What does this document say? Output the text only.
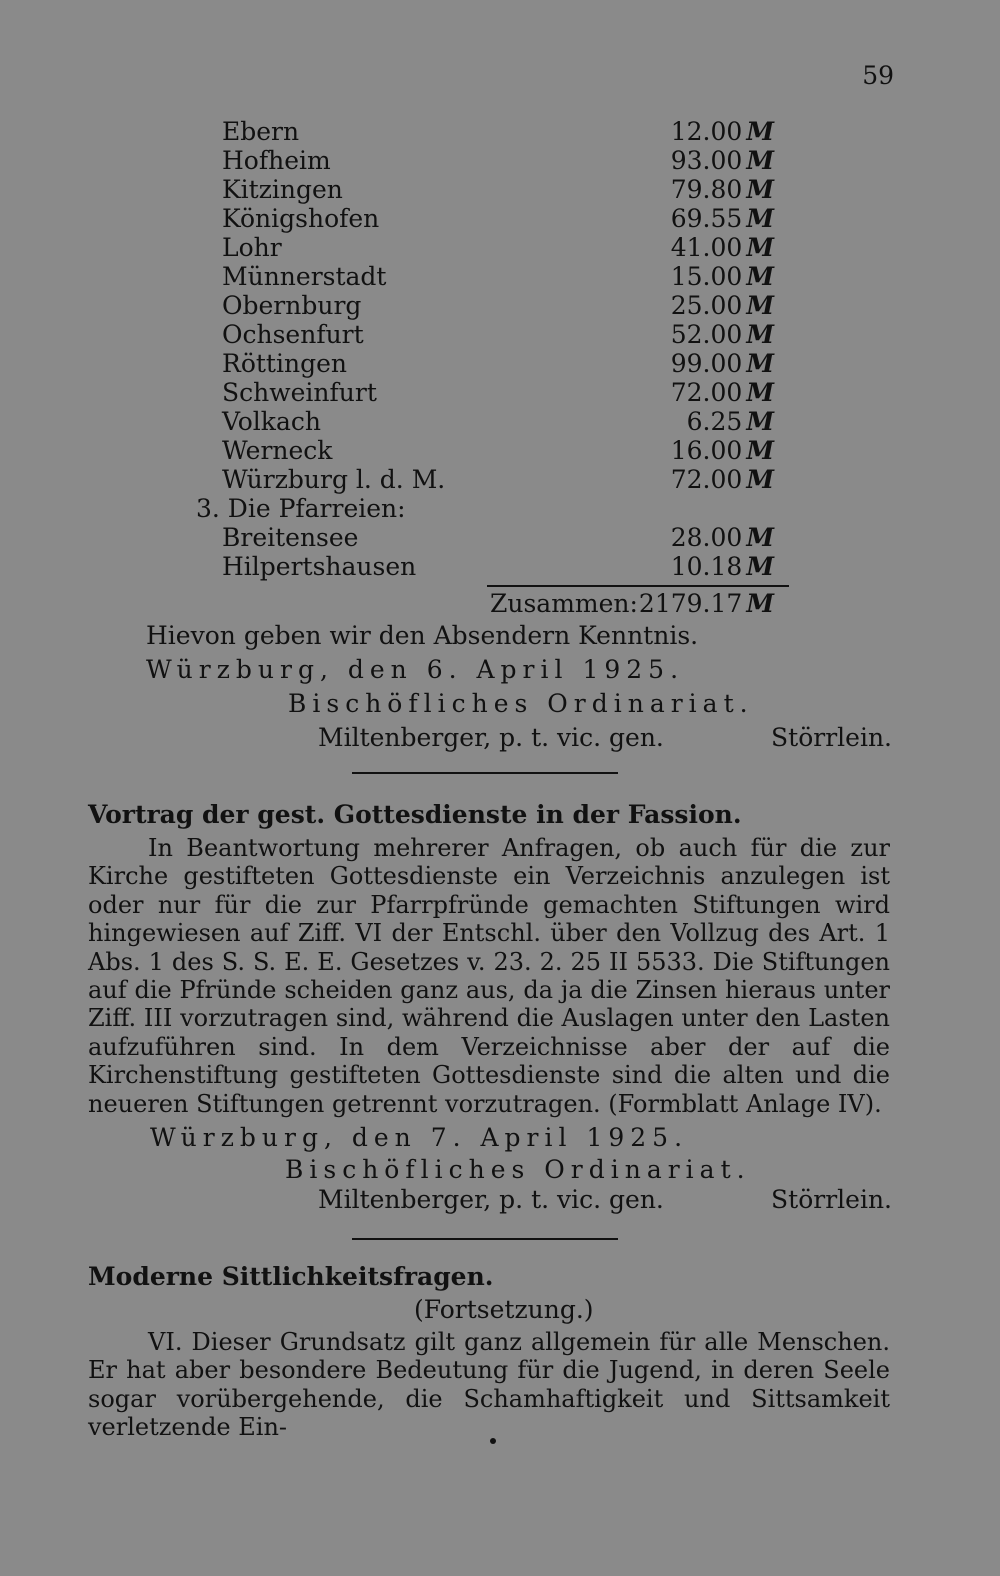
59
Ebern	12.00 M
Hofheim	93.00 M
Kitzingen	79.80 M
Königshofen	69.55 M
Lohr	41.00 M
Münnerstadt	15.00 M
Obernburg	25.00 M
Ochsenfurt	52.00 M
Röttingen	99.00 M
Schweinfurt	72.00 M
Volkach	6.25 M
Werneck	16.00 M
Würzburg l. d. M.	72.00 M
3. Die Pfarreien:
Breitensee	28.00 M
Hilpertshausen	10.18 M
Zusammen: 2179.17 M
Hievon geben wir den Absendern Kenntnis.
Würzburg, den 6. April 1925.
Bischöfliches Ordinariat.
Miltenberger, p. t. vic. gen.	Störrlein.
Vortrag der gest. Gottesdienste in der Fassion.
In Beantwortung mehrerer Anfragen, ob auch für die zur Kirche gestifteten Gottesdienste ein Verzeichnis anzulegen ist oder nur für die zur Pfarrpfründe gemachten Stiftungen wird hingewiesen auf Ziff. VI der Entschl. über den Vollzug des Art. 1 Abs. 1 des S. S. E. E. Gesetzes v. 23. 2. 25 II 5533. Die Stiftungen auf die Pfründe scheiden ganz aus, da ja die Zinsen hieraus unter Ziff. III vorzutragen sind, während die Auslagen unter den Lasten aufzuführen sind. In dem Verzeichnisse aber der auf die Kirchenstiftung gestifteten Gottesdienste sind die alten und die neueren Stiftungen getrennt vorzutragen. (Formblatt Anlage IV).
Würzburg, den 7. April 1925.
Bischöfliches Ordinariat.
Miltenberger, p. t. vic. gen.	Störrlein.
Moderne Sittlichkeitsfragen.
(Fortsetzung.)
VI. Dieser Grundsatz gilt ganz allgemein für alle Menschen. Er hat aber besondere Bedeutung für die Jugend, in deren Seele sogar vorübergehende, die Schamhaftigkeit und Sittsamkeit verletzende Ein-
